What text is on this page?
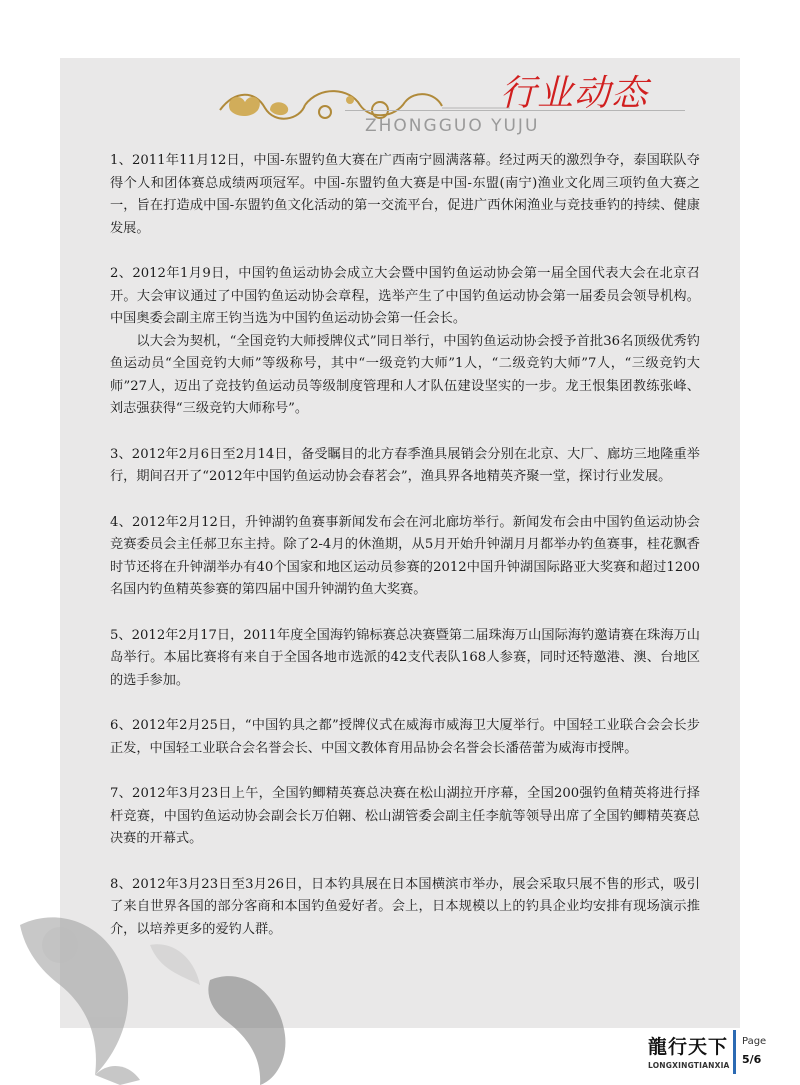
行业动态
ZHONGGUO YUJU

1、2011年11月12日，中国-东盟钓鱼大赛在广西南宁圆满落幕。经过两天的激烈争夺，泰国联队夺得个人和团体赛总成绩两项冠军。中国-东盟钓鱼大赛是中国-东盟(南宁)渔业文化周三项钓鱼大赛之一，旨在打造成中国-东盟钓鱼文化活动的第一交流平台，促进广西休闲渔业与竞技垂钓的持续、健康发展。

2、2012年1月9日，中国钓鱼运动协会成立大会暨中国钓鱼运动协会第一届全国代表大会在北京召开。大会审议通过了中国钓鱼运动协会章程，选举产生了中国钓鱼运动协会第一届委员会领导机构。中国奥委会副主席王钧当选为中国钓鱼运动协会第一任会长。

以大会为契机，“全国竞钓大师授牌仪式”同日举行，中国钓鱼运动协会授予首批36名顶级优秀钓鱼运动员“全国竞钓大师”等级称号，其中“一级竞钓大师”1人，“二级竞钓大师”7人，“三级竞钓大师”27人，迈出了竞技钓鱼运动员等级制度管理和人才队伍建设坚实的一步。龙王恨集团教练张峰、刘志强获得“三级竞钓大师称号”。

3、2012年2月6日至2月14日，备受瞩目的北方春季渔具展销会分别在北京、大厂、廊坊三地隆重举行，期间召开了“2012年中国钓鱼运动协会春茗会”，渔具界各地精英齐聚一堂，探讨行业发展。

4、2012年2月12日，升钟湖钓鱼赛事新闻发布会在河北廊坊举行。新闻发布会由中国钓鱼运动协会竞赛委员会主任郝卫东主持。除了2-4月的休渔期，从5月开始升钟湖月月都举办钓鱼赛事，桂花飘香时节还将在升钟湖举办有40个国家和地区运动员参赛的2012中国升钟湖国际路亚大奖赛和超过1200名国内钓鱼精英参赛的第四届中国升钟湖钓鱼大奖赛。

5、2012年2月17日，2011年度全国海钓锦标赛总决赛暨第二届珠海万山国际海钓邀请赛在珠海万山岛举行。本届比赛将有来自于全国各地市选派的42支代表队168人参赛，同时还特邀港、澳、台地区的选手参加。

6、2012年2月25日，“中国钓具之都”授牌仪式在威海市威海卫大厦举行。中国轻工业联合会会长步正发，中国轻工业联合会名誉会长、中国文教体育用品协会名誉会长潘蓓蕾为威海市授牌。

7、2012年3月23日上午，全国钓鲫精英赛总决赛在松山湖拉开序幕，全国200强钓鱼精英将进行择杆竞赛，中国钓鱼运动协会副会长万伯翱、松山湖管委会副主任李航等领导出席了全国钓鲫精英赛总决赛的开幕式。

8、2012年3月23日至3月26日，日本钓具展在日本国横滨市举办，展会采取只展不售的形式，吸引了来自世界各国的部分客商和本国钓鱼爱好者。会上，日本规模以上的钓具企业均安排有现场演示推介，以培养更多的爱钓人群。

龍行天下
LONGXINGTIANXIA
Page
5/6
